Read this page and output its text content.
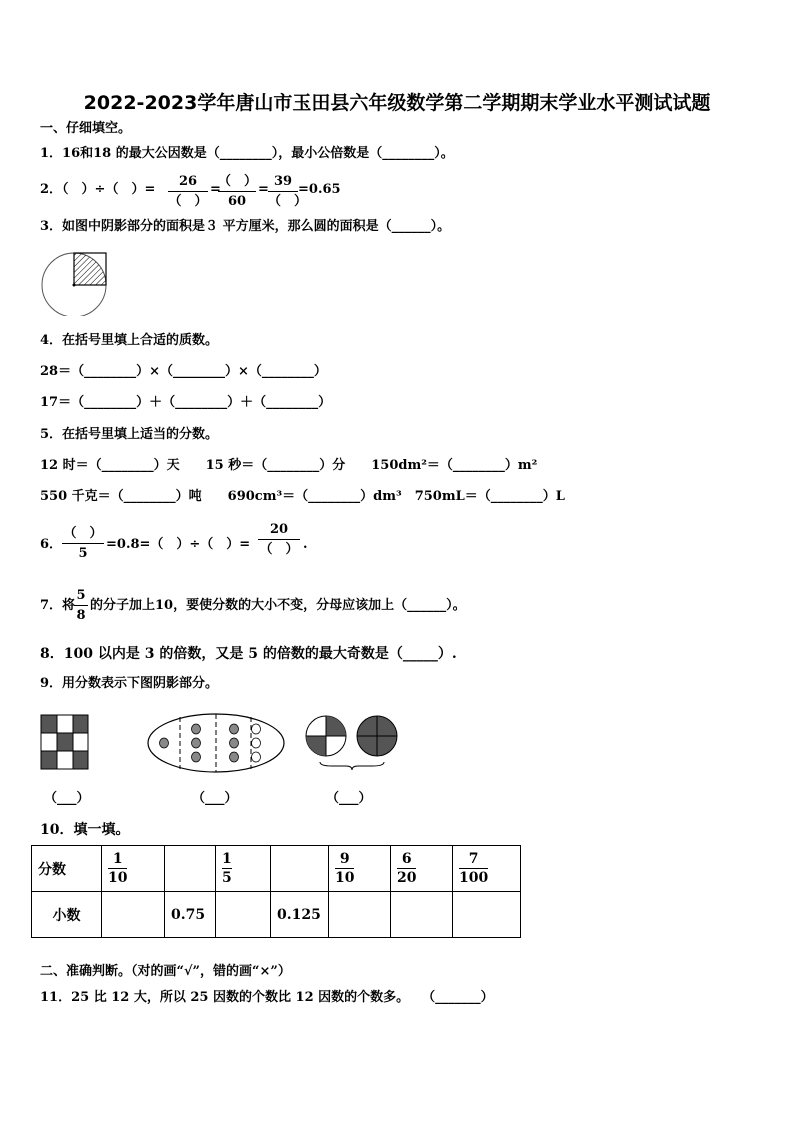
2022-2023学年唐山市玉田县六年级数学第二学期期末学业水平测试试题
一、仔细填空。
1．16和18 的最大公因数是（________），最小公倍数是（________）。
2．（　）÷（　）=
26
（　）
=
（　）
60
=
39
（　）
=0.65
3．如图中阴影部分的面积是３ 平方厘米，那么圆的面积是（______）。
4．在括号里填上合适的质数。
28＝（________）×（________）×（________）
17＝（________）＋（________）＋（________）
5．在括号里填上适当的分数。
12 时＝（________）天　　15 秒＝（________）分　　150dm²＝（________）m²
550 千克＝（________）吨　　690cm³＝（________）dm³　750mL＝（________）L
6．
（　）
5
=0.8=（　）÷（　）=
20
（　） .
7．将
5
8
的分子加上10，要使分数的大小不变，分母应该加上（______）。
8．100 以内是 3 的倍数，又是 5 的倍数的最大奇数是（_____）.
9．用分数表示下图阴影部分。
（___）	（___）	（___）
10．填一填。
分数	$\frac{1}{10}$		$\frac{1}{5}$		$\frac{9}{10}$	$\frac{6}{20}$	$\frac{7}{100}$
小数		0.75		0.125			
二、准确判断。（对的画“√”，错的画“×”）
11．25 比 12 大，所以 25 因数的个数比 12 因数的个数多。　　（_______）
